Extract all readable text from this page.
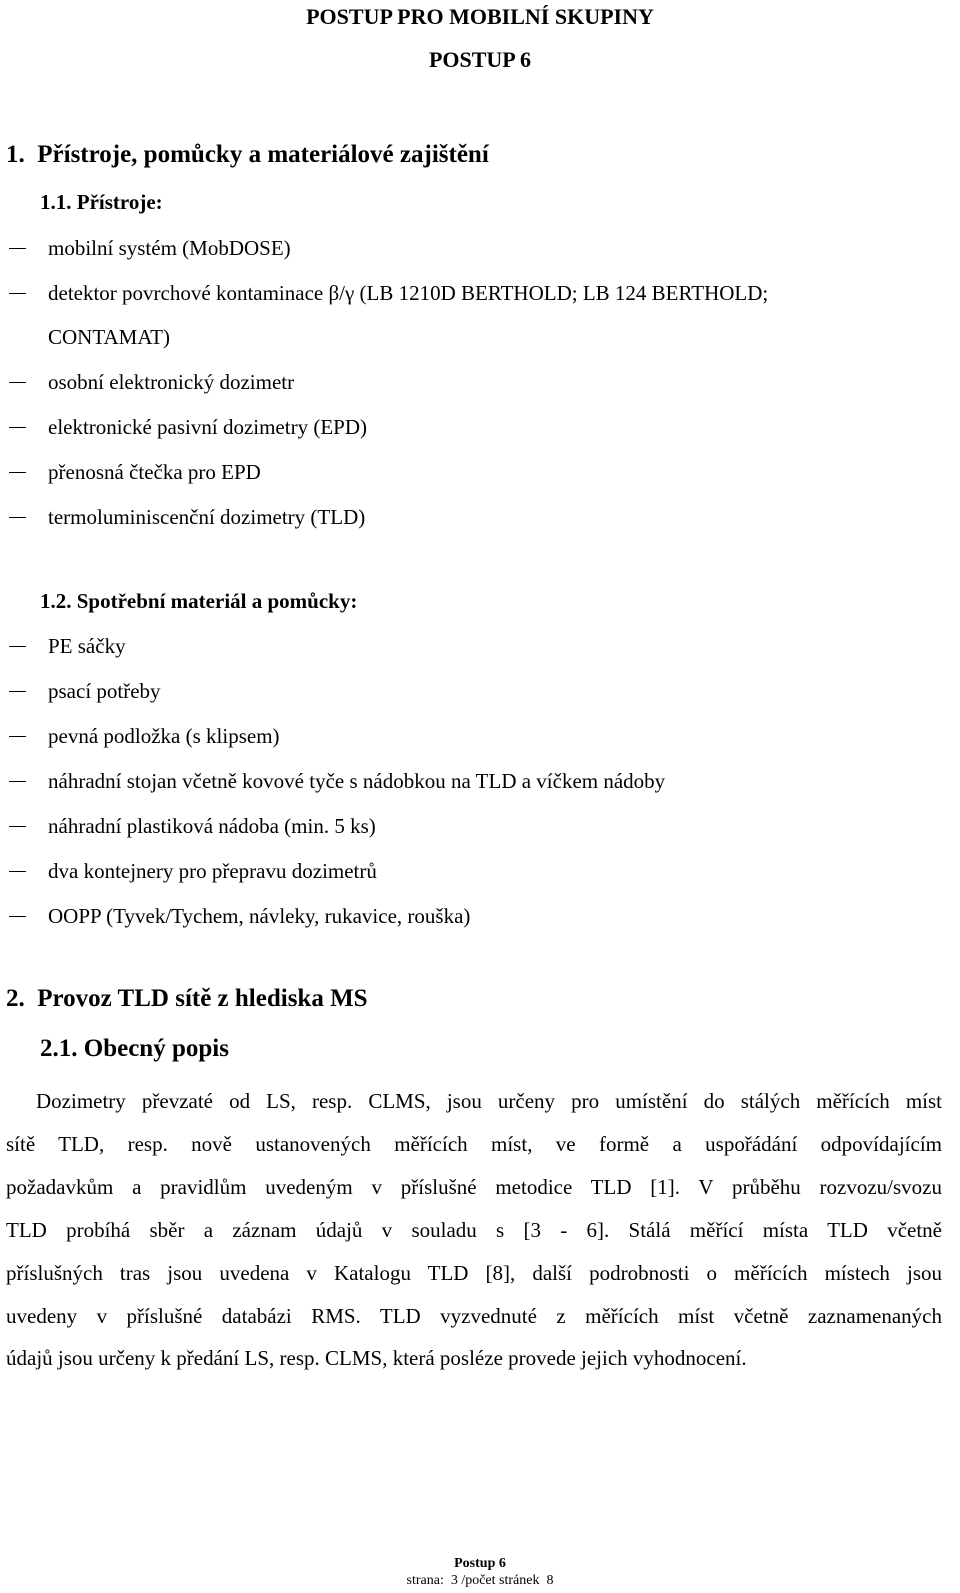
POSTUP PRO MOBILNÍ SKUPINY
POSTUP 6
1.  Přístroje, pomůcky a materiálové zajištění
1.1. Přístroje:
mobilní systém (MobDOSE)
detektor povrchové kontaminace β/γ (LB 1210D BERTHOLD; LB 124 BERTHOLD;
CONTAMAT)
osobní elektronický dozimetr
elektronické pasivní dozimetry (EPD)
přenosná čtečka pro EPD
termoluminiscenční dozimetry (TLD)
1.2. Spotřební materiál a pomůcky:
PE sáčky
psací potřeby
pevná podložka (s klipsem)
náhradní stojan včetně kovové tyče s nádobkou na TLD a víčkem nádoby
náhradní plastiková nádoba (min. 5 ks)
dva kontejnery pro přepravu dozimetrů
OOPP (Tyvek/Tychem, návleky, rukavice, rouška)
2.  Provoz TLD sítě z hlediska MS
2.1. Obecný popis
Dozimetry převzaté od LS, resp. CLMS, jsou určeny pro umístění do stálých měřících míst
sítě TLD, resp. nově ustanovených měřících míst, ve formě a uspořádání odpovídajícím
požadavkům a pravidlům uvedeným v příslušné metodice TLD [1]. V průběhu rozvozu/svozu
TLD probíhá sběr a záznam údajů v souladu s [3 - 6]. Stálá měřící místa TLD včetně
příslušných tras jsou uvedena v Katalogu TLD [8], další podrobnosti o měřících místech jsou
uvedeny v příslušné databázi RMS. TLD vyzvednuté z měřících míst včetně zaznamenaných
údajů jsou určeny k předání LS, resp. CLMS, která posléze provede jejich vyhodnocení.
Postup 6
strana:  3 /počet stránek  8
